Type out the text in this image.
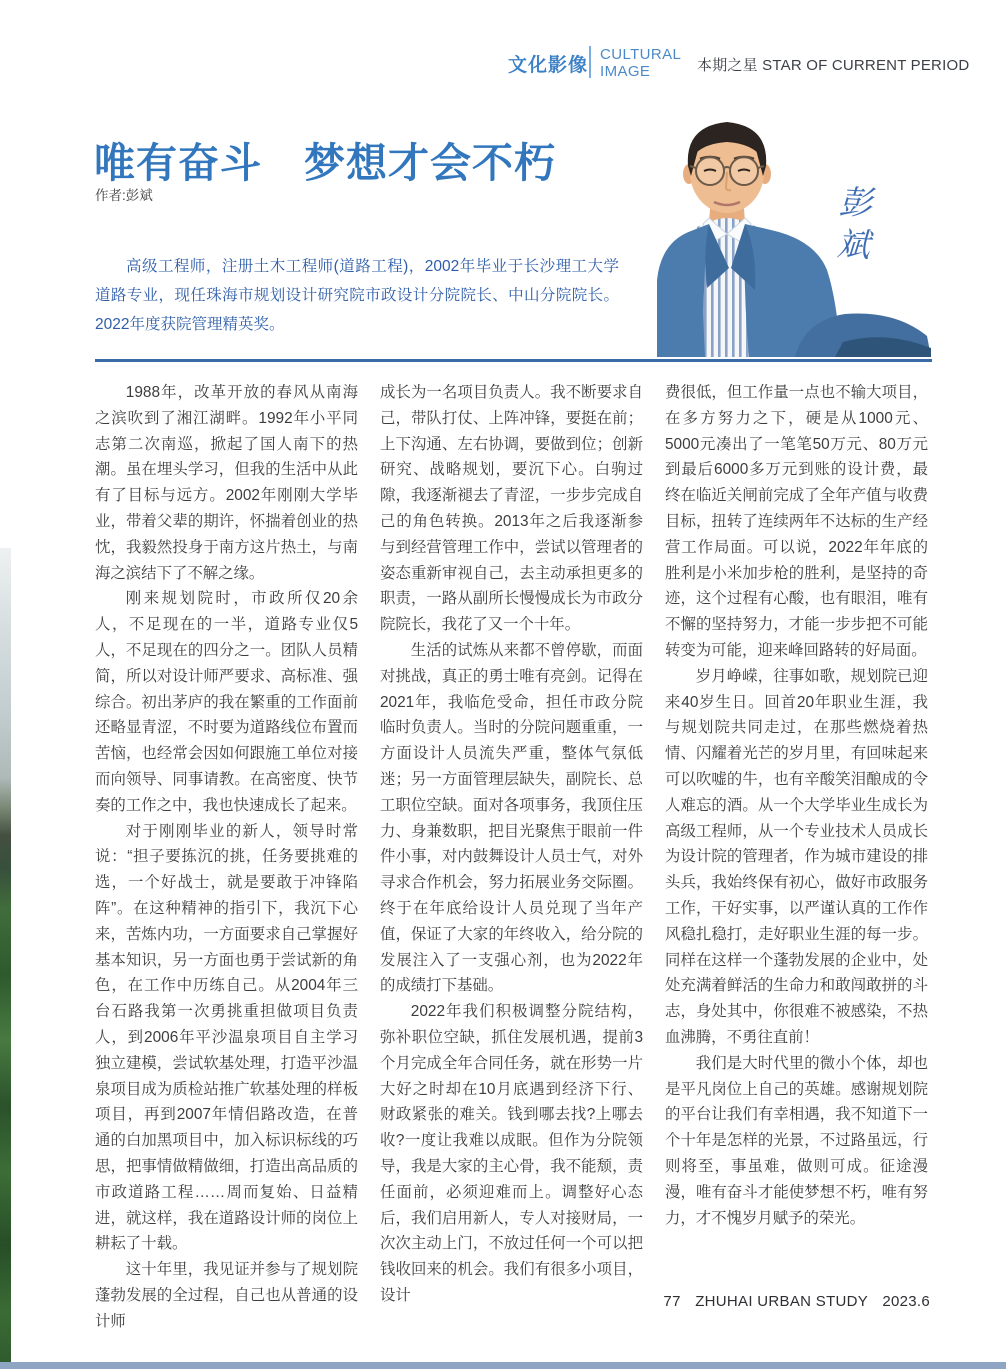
文化影像
CULTURAL
IMAGE	本期之星 STAR OF CURRENT PERIOD
唯有奋斗　梦想才会不朽
作者:彭斌
高级工程师，注册土木工程师(道路工程)，2002年毕业于长沙理工大学道路专业，现任珠海市规划设计研究院市政设计分院院长、中山分院院长。2022年度获院管理精英奖。
彭斌

1988年，改革开放的春风从南海之滨吹到了湘江湖畔。1992年小平同志第二次南巡，掀起了国人南下的热潮。虽在埋头学习，但我的生活中从此有了目标与远方。2002年刚刚大学毕业，带着父辈的期许，怀揣着创业的热忱，我毅然投身于南方这片热土，与南海之滨结下了不解之缘。

刚来规划院时，市政所仅20余人，不足现在的一半，道路专业仅5人，不足现在的四分之一。团队人员精简，所以对设计师严要求、高标准、强综合。初出茅庐的我在繁重的工作面前还略显青涩，不时要为道路线位布置而苦恼，也经常会因如何跟施工单位对接而向领导、同事请教。在高密度、快节奏的工作之中，我也快速成长了起来。

对于刚刚毕业的新人，领导时常说：“担子要拣沉的挑，任务要挑难的选，一个好战士，就是要敢于冲锋陷阵”。在这种精神的指引下，我沉下心来，苦炼内功，一方面要求自己掌握好基本知识，另一方面也勇于尝试新的角色，在工作中历练自己。从2004年三台石路我第一次勇挑重担做项目负责人，到2006年平沙温泉项目自主学习独立建模，尝试软基处理，打造平沙温泉项目成为质检站推广软基处理的样板项目，再到2007年情侣路改造，在普通的白加黑项目中，加入标识标线的巧思，把事情做精做细，打造出高品质的市政道路工程……周而复始、日益精进，就这样，我在道路设计师的岗位上耕耘了十载。

这十年里，我见证并参与了规划院蓬勃发展的全过程，自己也从普通的设计师

成长为一名项目负责人。我不断要求自己，带队打仗、上阵冲锋，要挺在前；上下沟通、左右协调，要做到位；创新研究、战略规划，要沉下心。白驹过隙，我逐渐褪去了青涩，一步步完成自己的角色转换。2013年之后我逐渐参与到经营管理工作中，尝试以管理者的姿态重新审视自己，去主动承担更多的职责，一路从副所长慢慢成长为市政分院院长，我花了又一个十年。

生活的试炼从来都不曾停歇，而面对挑战，真正的勇士唯有亮剑。记得在2021年，我临危受命，担任市政分院临时负责人。当时的分院问题重重，一方面设计人员流失严重，整体气氛低迷；另一方面管理层缺失，副院长、总工职位空缺。面对各项事务，我顶住压力、身兼数职，把目光聚焦于眼前一件件小事，对内鼓舞设计人员士气，对外寻求合作机会，努力拓展业务交际圈。终于在年底给设计人员兑现了当年产值，保证了大家的年终收入，给分院的发展注入了一支强心剂，也为2022年的成绩打下基础。

2022年我们积极调整分院结构，弥补职位空缺，抓住发展机遇，提前3个月完成全年合同任务，就在形势一片大好之时却在10月底遇到经济下行、财政紧张的难关。钱到哪去找?上哪去收?一度让我难以成眠。但作为分院领导，我是大家的主心骨，我不能颓，责任面前，必须迎难而上。调整好心态后，我们启用新人，专人对接财局，一次次主动上门，不放过任何一个可以把钱收回来的机会。我们有很多小项目，设计

费很低，但工作量一点也不输大项目，在多方努力之下，硬是从1000元、5000元凑出了一笔笔50万元、80万元到最后6000多万元到账的设计费，最终在临近关闸前完成了全年产值与收费目标，扭转了连续两年不达标的生产经营工作局面。可以说，2022年年底的胜利是小米加步枪的胜利，是坚持的奇迹，这个过程有心酸，也有眼泪，唯有不懈的坚持努力，才能一步步把不可能转变为可能，迎来峰回路转的好局面。

岁月峥嵘，往事如歌，规划院已迎来40岁生日。回首20年职业生涯，我与规划院共同走过，在那些燃烧着热情、闪耀着光芒的岁月里，有回味起来可以吹嘘的牛，也有辛酸笑泪酿成的令人难忘的酒。从一个大学毕业生成长为高级工程师，从一个专业技术人员成长为设计院的管理者，作为城市建设的排头兵，我始终保有初心，做好市政服务工作，干好实事，以严谨认真的工作作风稳扎稳打，走好职业生涯的每一步。同样在这样一个蓬勃发展的企业中，处处充满着鲜活的生命力和敢闯敢拼的斗志，身处其中，你很难不被感染，不热血沸腾，不勇往直前！

我们是大时代里的微小个体，却也是平凡岗位上自己的英雄。感谢规划院的平台让我们有幸相遇，我不知道下一个十年是怎样的光景，不过路虽远，行则将至，事虽难，做则可成。征途漫漫，唯有奋斗才能使梦想不朽，唯有努力，才不愧岁月赋予的荣光。

77 ZHUHAI URBAN STUDY 2023.6
